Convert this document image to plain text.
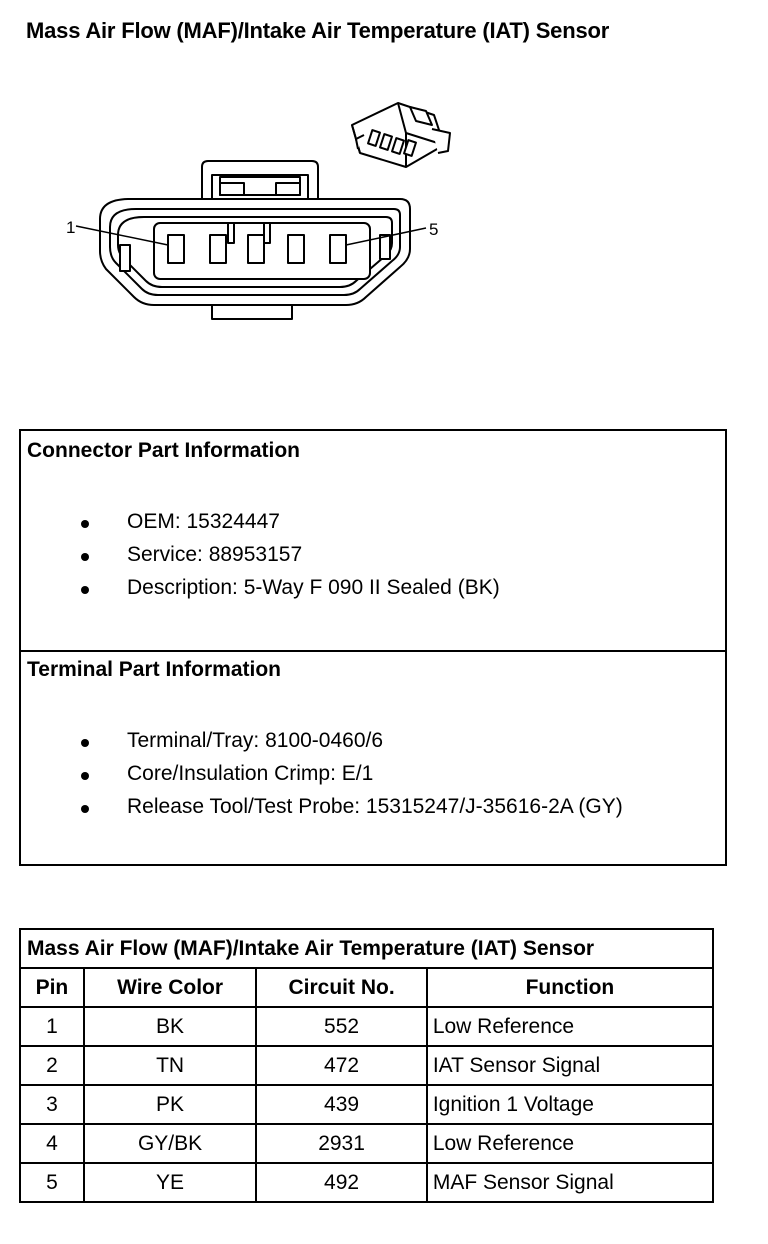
Mass Air Flow (MAF)/Intake Air Temperature (IAT) Sensor
1	5
Connector Part Information
OEM: 15324447
Service: 88953157
Description: 5-Way F 090 II Sealed (BK)
Terminal Part Information
Terminal/Tray: 8100-0460/6
Core/Insulation Crimp: E/1
Release Tool/Test Probe: 15315247/J-35616-2A (GY)
Mass Air Flow (MAF)/Intake Air Temperature (IAT) Sensor			
Pin	Wire Color	Circuit No.	Function
1	BK	552	Low Reference
2	TN	472	IAT Sensor Signal
3	PK	439	Ignition 1 Voltage
4	GY/BK	2931	Low Reference
5	YE	492	MAF Sensor Signal
